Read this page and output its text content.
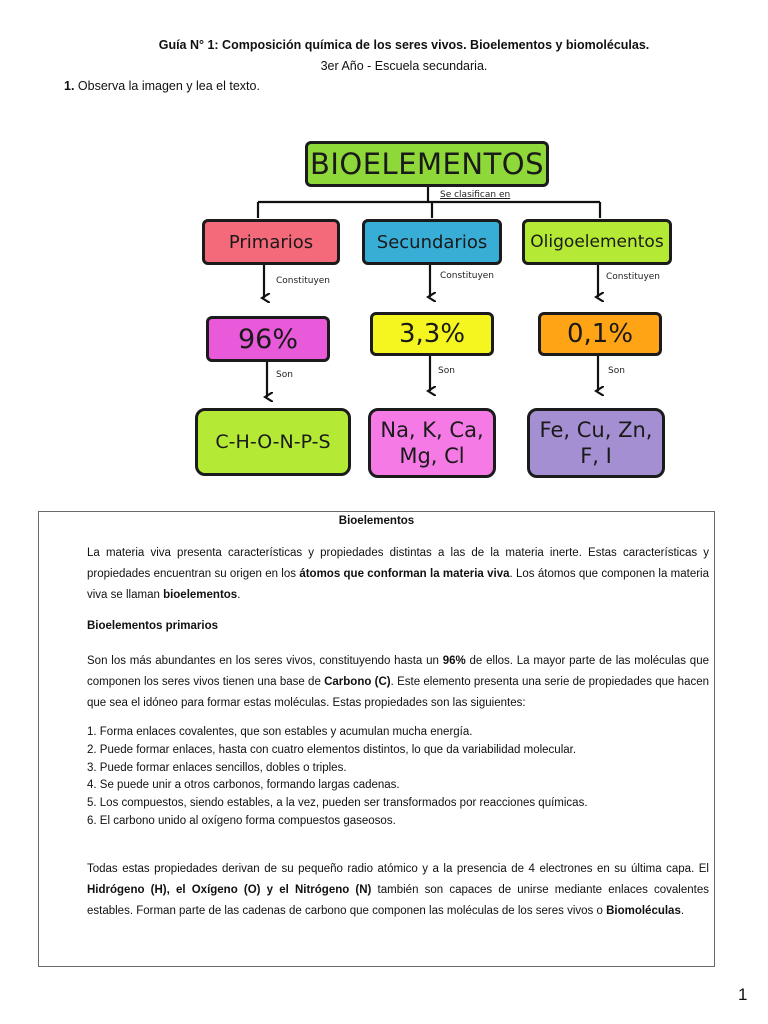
Guía N° 1: Composición química de los seres vivos. Bioelementos y biomoléculas.
3er Año - Escuela secundaria.
1. Observa la imagen y lea el texto.
BIOELEMENTOS
Se clasifican en
Primarios	Secundarios	Oligoelementos
Constituyen	Constituyen	Constituyen
96%	3,3%	0,1%
Son	Son	Son
C-H-O-N-P-S Na, K, Ca,
Mg, Cl
Fe, Cu, Zn,
F, I
Bioelementos
La materia viva presenta características y propiedades distintas a las de la materia inerte. Estas características y propiedades encuentran su origen en los átomos que conforman la materia viva. Los átomos que componen la materia viva se llaman bioelementos.
Bioelementos primarios
Son los más abundantes en los seres vivos, constituyendo hasta un 96% de ellos. La mayor parte de las moléculas que componen los seres vivos tienen una base de Carbono (C). Este elemento presenta una serie de propiedades que hacen que sea el idóneo para formar estas moléculas. Estas propiedades son las siguientes:
1. Forma enlaces covalentes, que son estables y acumulan mucha energía.
2. Puede formar enlaces, hasta con cuatro elementos distintos, lo que da variabilidad molecular.
3. Puede formar enlaces sencillos, dobles o triples.
4. Se puede unir a otros carbonos, formando largas cadenas.
5. Los compuestos, siendo estables, a la vez, pueden ser transformados por reacciones químicas.
6. El carbono unido al oxígeno forma compuestos gaseosos.
Todas estas propiedades derivan de su pequeño radio atómico y a la presencia de 4 electrones en su última capa. El Hidrógeno (H), el Oxígeno (O) y el Nitrógeno (N) también son capaces de unirse mediante enlaces covalentes estables. Forman parte de las cadenas de carbono que componen las moléculas de los seres vivos o Biomoléculas.
1
